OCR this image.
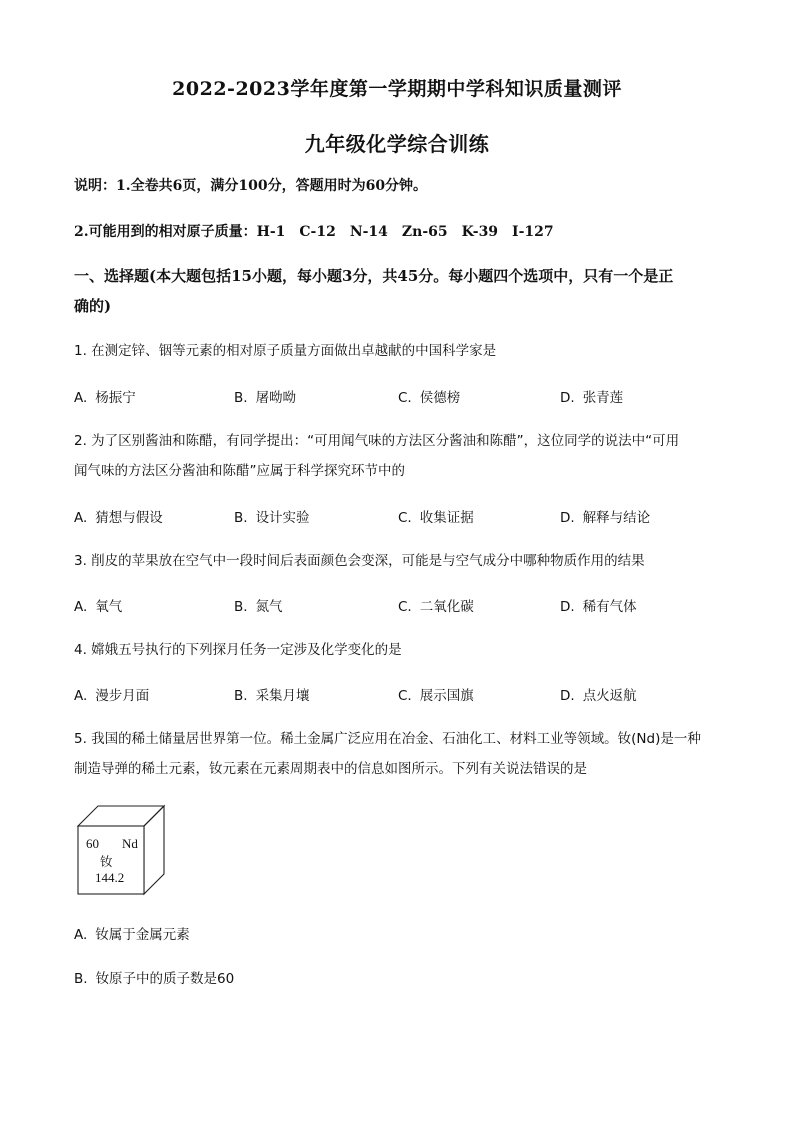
2022-2023学年度第一学期期中学科知识质量测评
九年级化学综合训练
说明：1.全卷共6页，满分100分，答题用时为60分钟。
2.可能用到的相对原子质量：H-1　C-12　N-14　Zn-65　K-39　I-127
一、选择题(本大题包括15小题，每小题3分，共45分。每小题四个选项中，只有一个是正
确的)
1. 在测定锌、铟等元素的相对原子质量方面做出卓越献的中国科学家是
A. 杨振宁	B. 屠呦呦	C. 侯德榜	D. 张青莲
2. 为了区别酱油和陈醋，有同学提出：“可用闻气味的方法区分酱油和陈醋”，这位同学的说法中“可用
闻气味的方法区分酱油和陈醋”应属于科学探究环节中的
A. 猜想与假设	B. 设计实验	C. 收集证据	D. 解释与结论
3. 削皮的苹果放在空气中一段时间后表面颜色会变深，可能是与空气成分中哪种物质作用的结果
A. 氧气	B. 氮气	C. 二氧化碳	D. 稀有气体
4. 嫦娥五号执行的下列探月任务一定涉及化学变化的是
A. 漫步月面	B. 采集月壤	C. 展示国旗	D. 点火返航
5. 我国的稀土储量居世界第一位。稀土金属广泛应用在冶金、石油化工、材料工业等领域。钕(Nd)是一种
制造导弹的稀土元素，钕元素在元素周期表中的信息如图所示。下列有关说法错误的是
60 Nd
钕
144.2
A. 钕属于金属元素
B. 钕原子中的质子数是60
